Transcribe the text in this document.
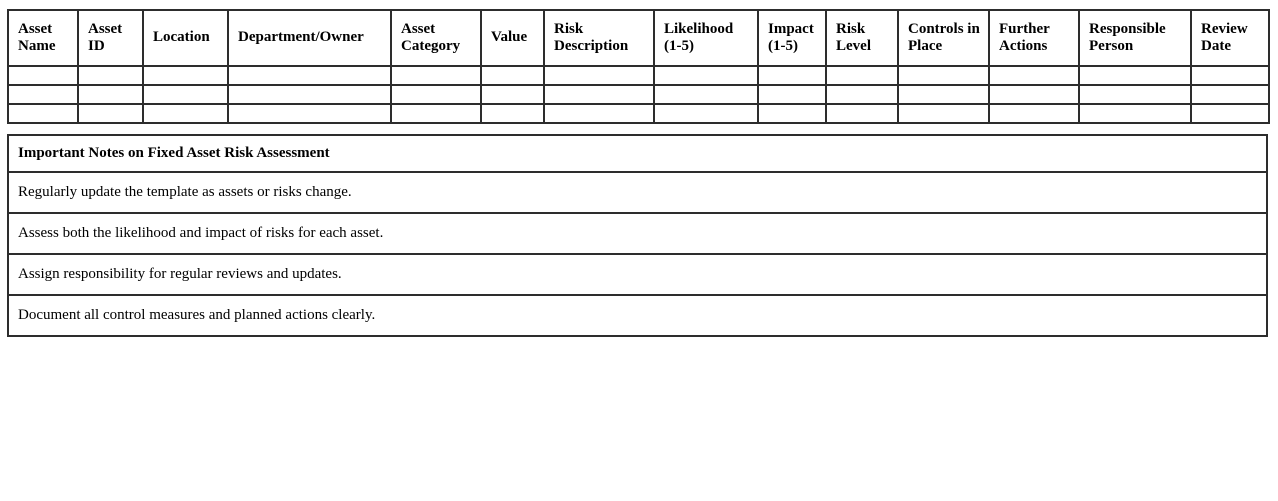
Asset Name	Asset ID	Location	Department/Owner	Asset Category	Value	Risk Description	Likelihood (1-5)	Impact (1-5)	Risk Level	Controls in Place	Further Actions	Responsible Person	Review Date

Important Notes on Fixed Asset Risk Assessment
Regularly update the template as assets or risks change.
Assess both the likelihood and impact of risks for each asset.
Assign responsibility for regular reviews and updates.
Document all control measures and planned actions clearly.
